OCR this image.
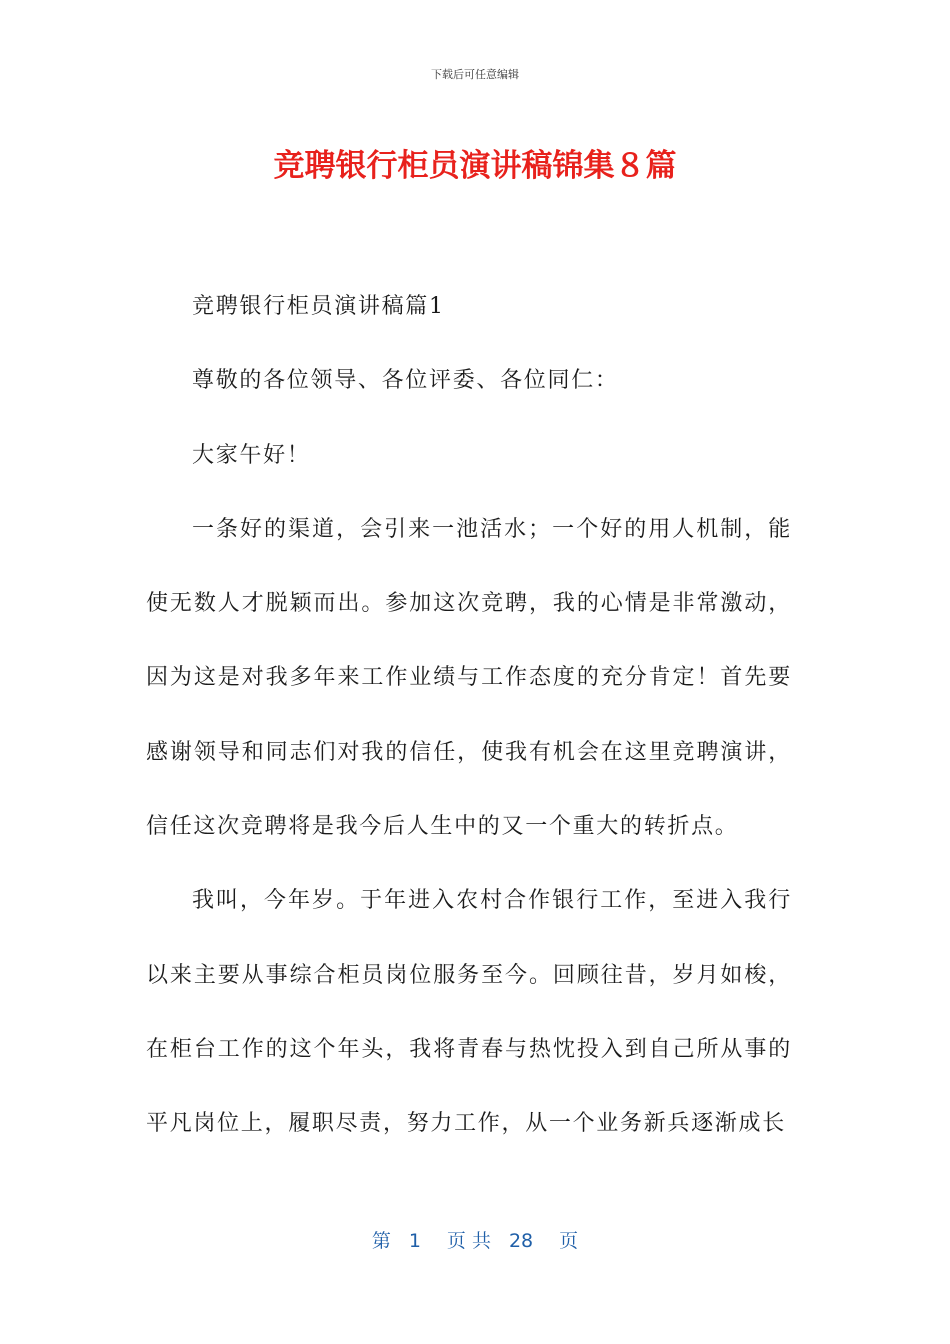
下载后可任意编辑
竞聘银行柜员演讲稿锦集８篇

竞聘银行柜员演讲稿篇1

尊敬的各位领导、各位评委、各位同仁：

大家午好！

一条好的渠道，会引来一池活水；一个好的用人机制，能使无数人才脱颖而出。参加这次竞聘，我的心情是非常激动，因为这是对我多年来工作业绩与工作态度的充分肯定！首先要感谢领导和同志们对我的信任，使我有机会在这里竞聘演讲，信任这次竞聘将是我今后人生中的又一个重大的转折点。

我叫，今年岁。于年进入农村合作银行工作，至进入我行以来主要从事综合柜员岗位服务至今。回顾往昔，岁月如梭，在柜台工作的这个年头，我将青春与热忱投入到自己所从事的平凡岗位上，履职尽责，努力工作，从一个业务新兵逐渐成长

第 1 页 共 28 页
